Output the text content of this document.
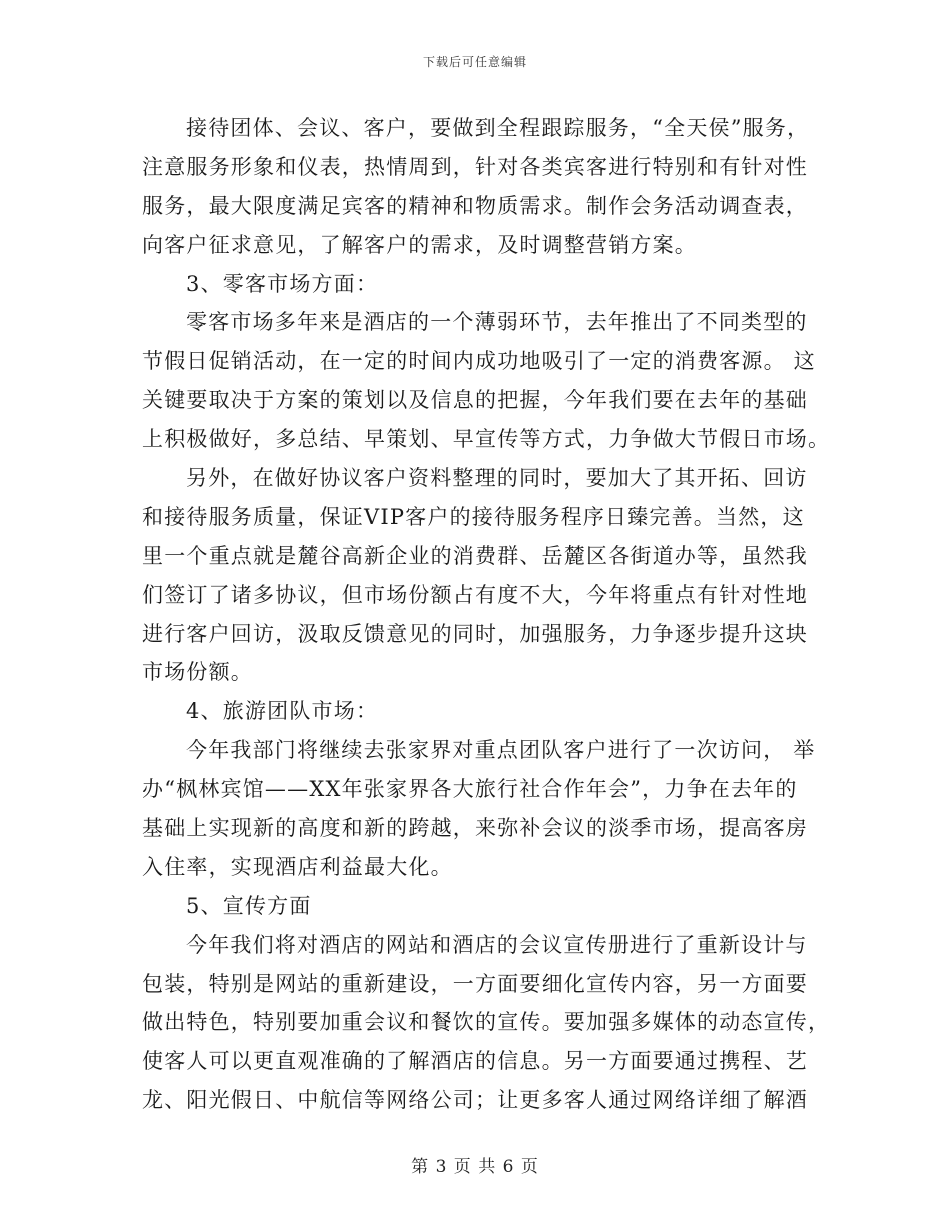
下载后可任意编辑
接待团体、会议、客户，要做到全程跟踪服务，“全天侯”服务，
注意服务形象和仪表，热情周到，针对各类宾客进行特别和有针对性
服务，最大限度满足宾客的精神和物质需求。制作会务活动调查表，
向客户征求意见，了解客户的需求，及时调整营销方案。
3、零客市场方面：
零客市场多年来是酒店的一个薄弱环节，去年推出了不同类型的
节假日促销活动，在一定的时间内成功地吸引了一定的消费客源。 这
关键要取决于方案的策划以及信息的把握，今年我们要在去年的基础
上积极做好，多总结、早策划、早宣传等方式，力争做大节假日市场。
另外，在做好协议客户资料整理的同时，要加大了其开拓、回访
和接待服务质量，保证VIP客户的接待服务程序日臻完善。当然，这
里一个重点就是麓谷高新企业的消费群、岳麓区各街道办等，虽然我
们签订了诸多协议，但市场份额占有度不大，今年将重点有针对性地
进行客户回访，汲取反馈意见的同时，加强服务，力争逐步提升这块
市场份额。
4、旅游团队市场：
今年我部门将继续去张家界对重点团队客户进行了一次访问， 举
办“枫林宾馆——XX年张家界各大旅行社合作年会”，力争在去年的
基础上实现新的高度和新的跨越，来弥补会议的淡季市场，提高客房
入住率，实现酒店利益最大化。
5、宣传方面
今年我们将对酒店的网站和酒店的会议宣传册进行了重新设计与
包装，特别是网站的重新建设，一方面要细化宣传内容，另一方面要
做出特色，特别要加重会议和餐饮的宣传。要加强多媒体的动态宣传，
使客人可以更直观准确的了解酒店的信息。另一方面要通过携程、艺
龙、阳光假日、中航信等网络公司；让更多客人通过网络详细了解酒
第 3 页 共 6 页
